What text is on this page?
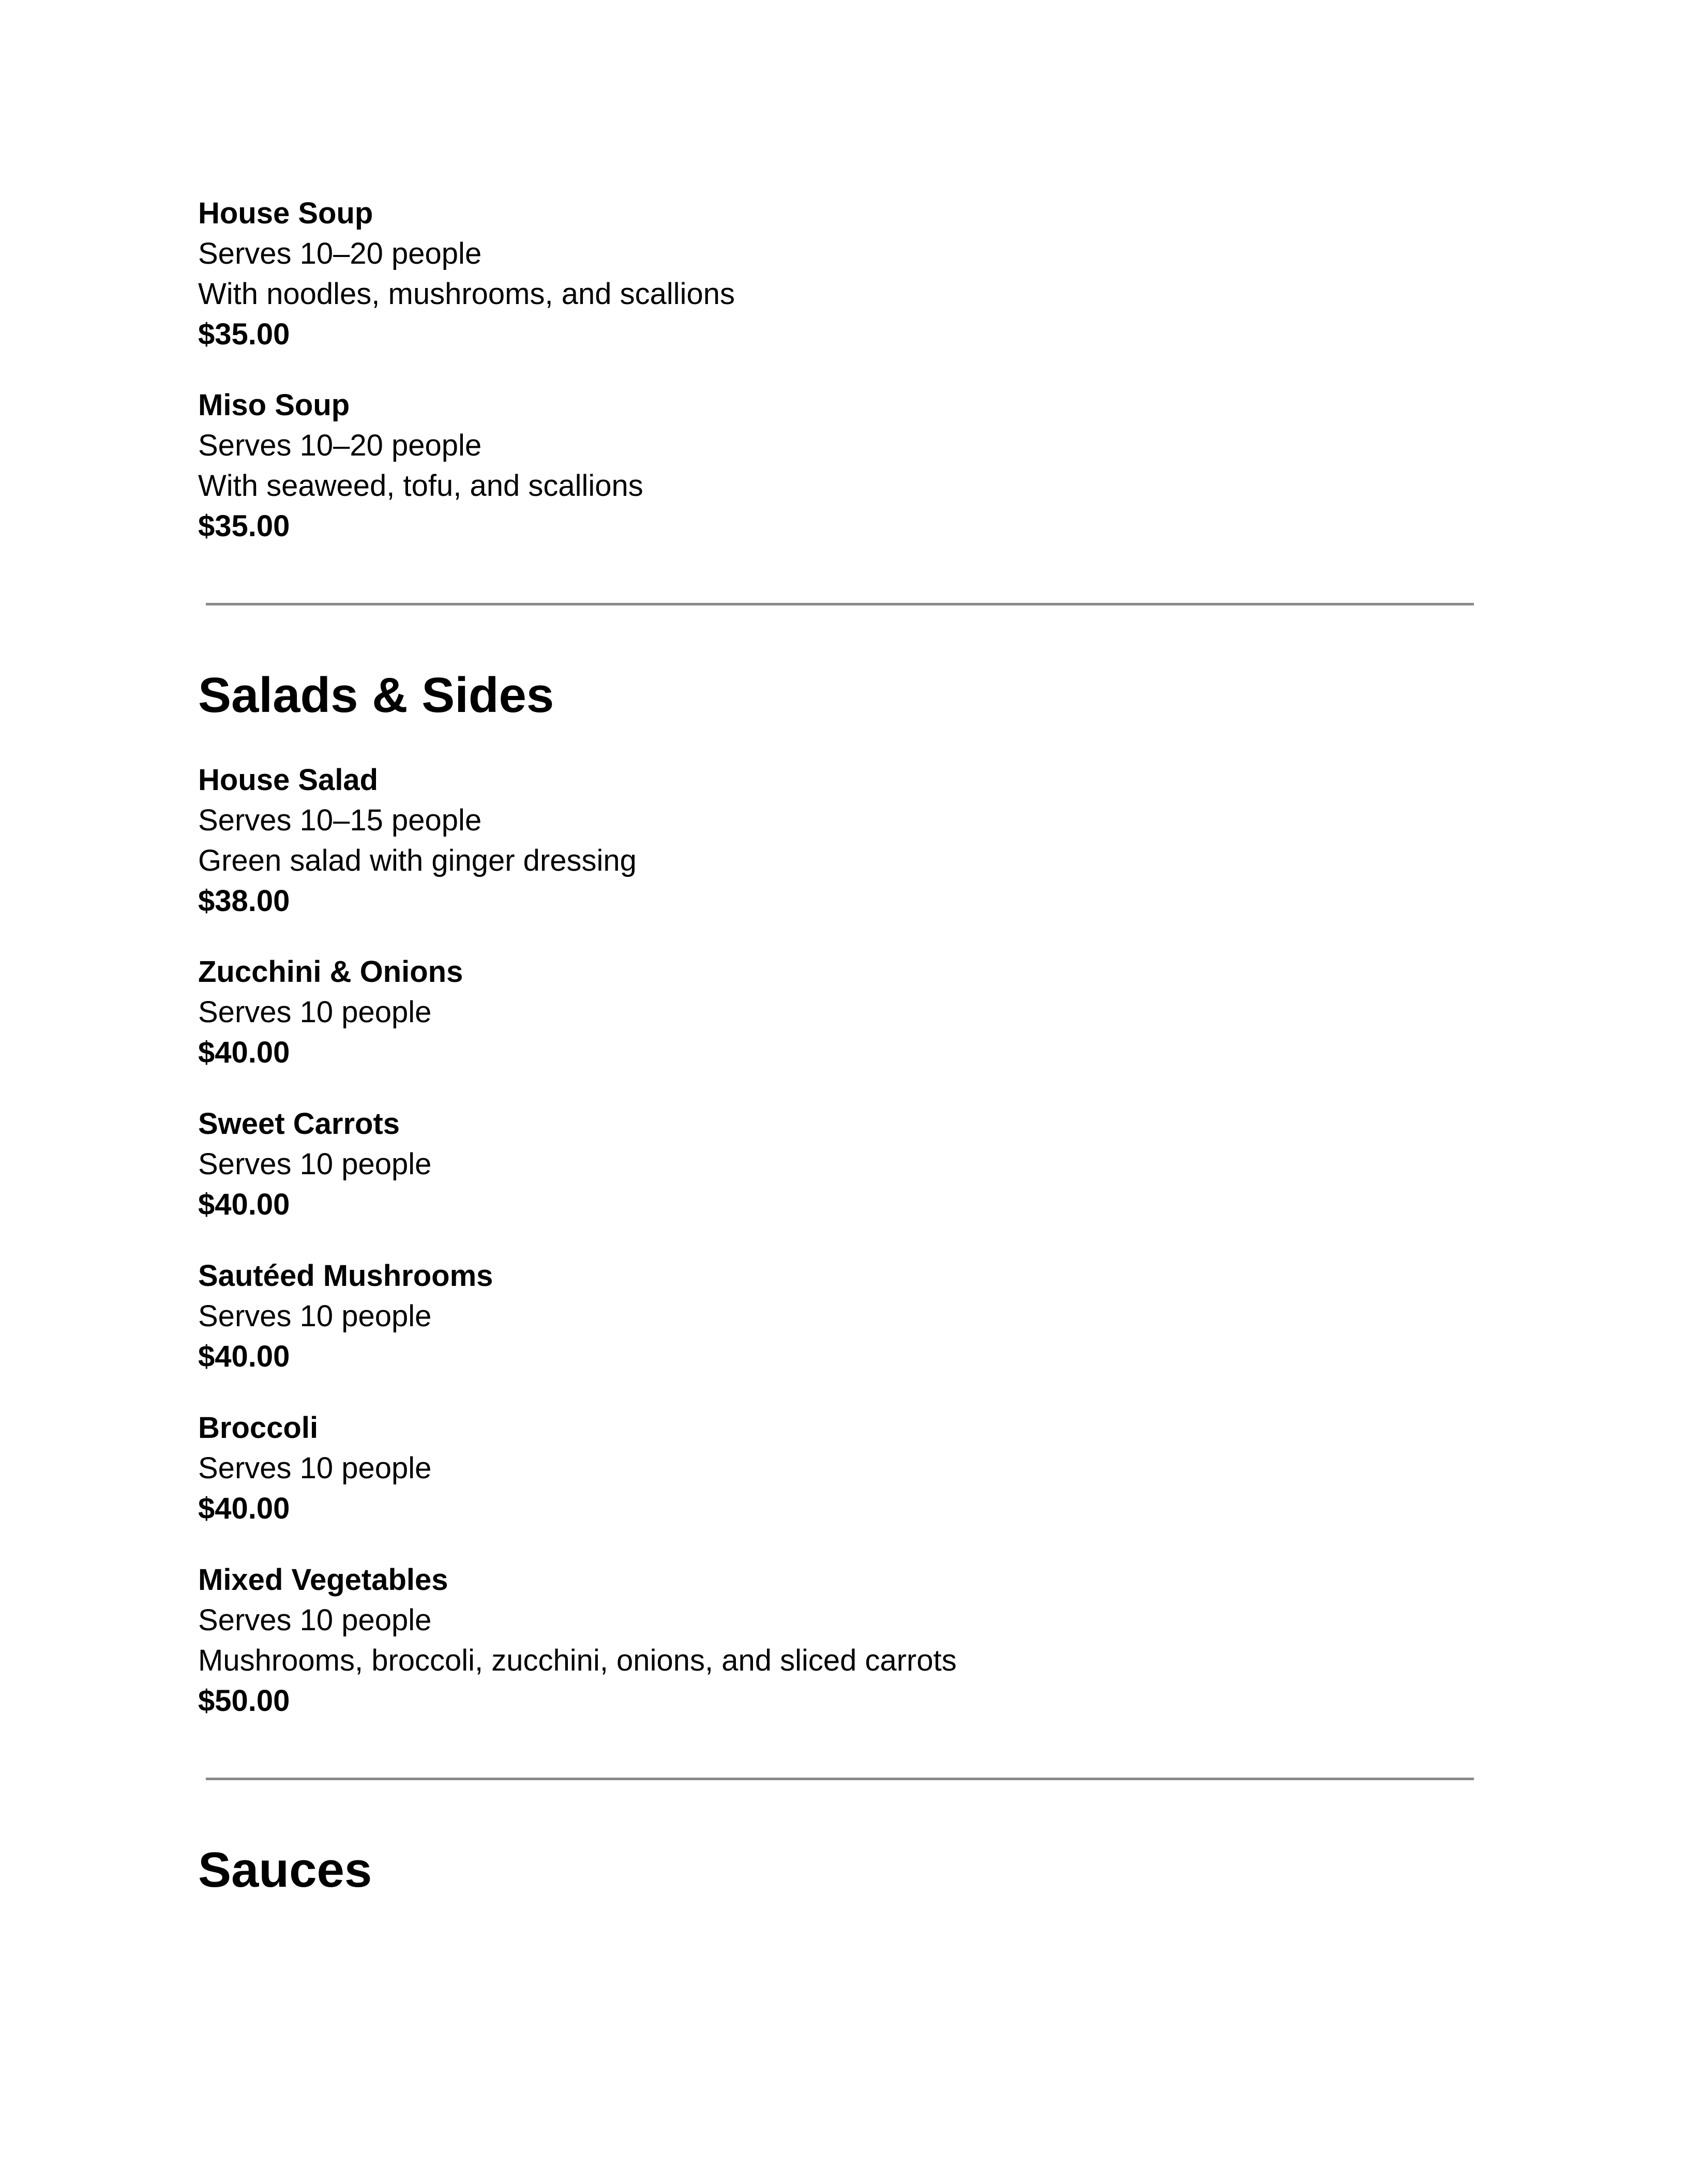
House Soup
Serves 10–20 people
With noodles, mushrooms, and scallions
$35.00
Miso Soup
Serves 10–20 people
With seaweed, tofu, and scallions
$35.00
Salads & Sides
House Salad
Serves 10–15 people
Green salad with ginger dressing
$38.00
Zucchini & Onions
Serves 10 people
$40.00
Sweet Carrots
Serves 10 people
$40.00
Sautéed Mushrooms
Serves 10 people
$40.00
Broccoli
Serves 10 people
$40.00
Mixed Vegetables
Serves 10 people
Mushrooms, broccoli, zucchini, onions, and sliced carrots
$50.00
Sauces
